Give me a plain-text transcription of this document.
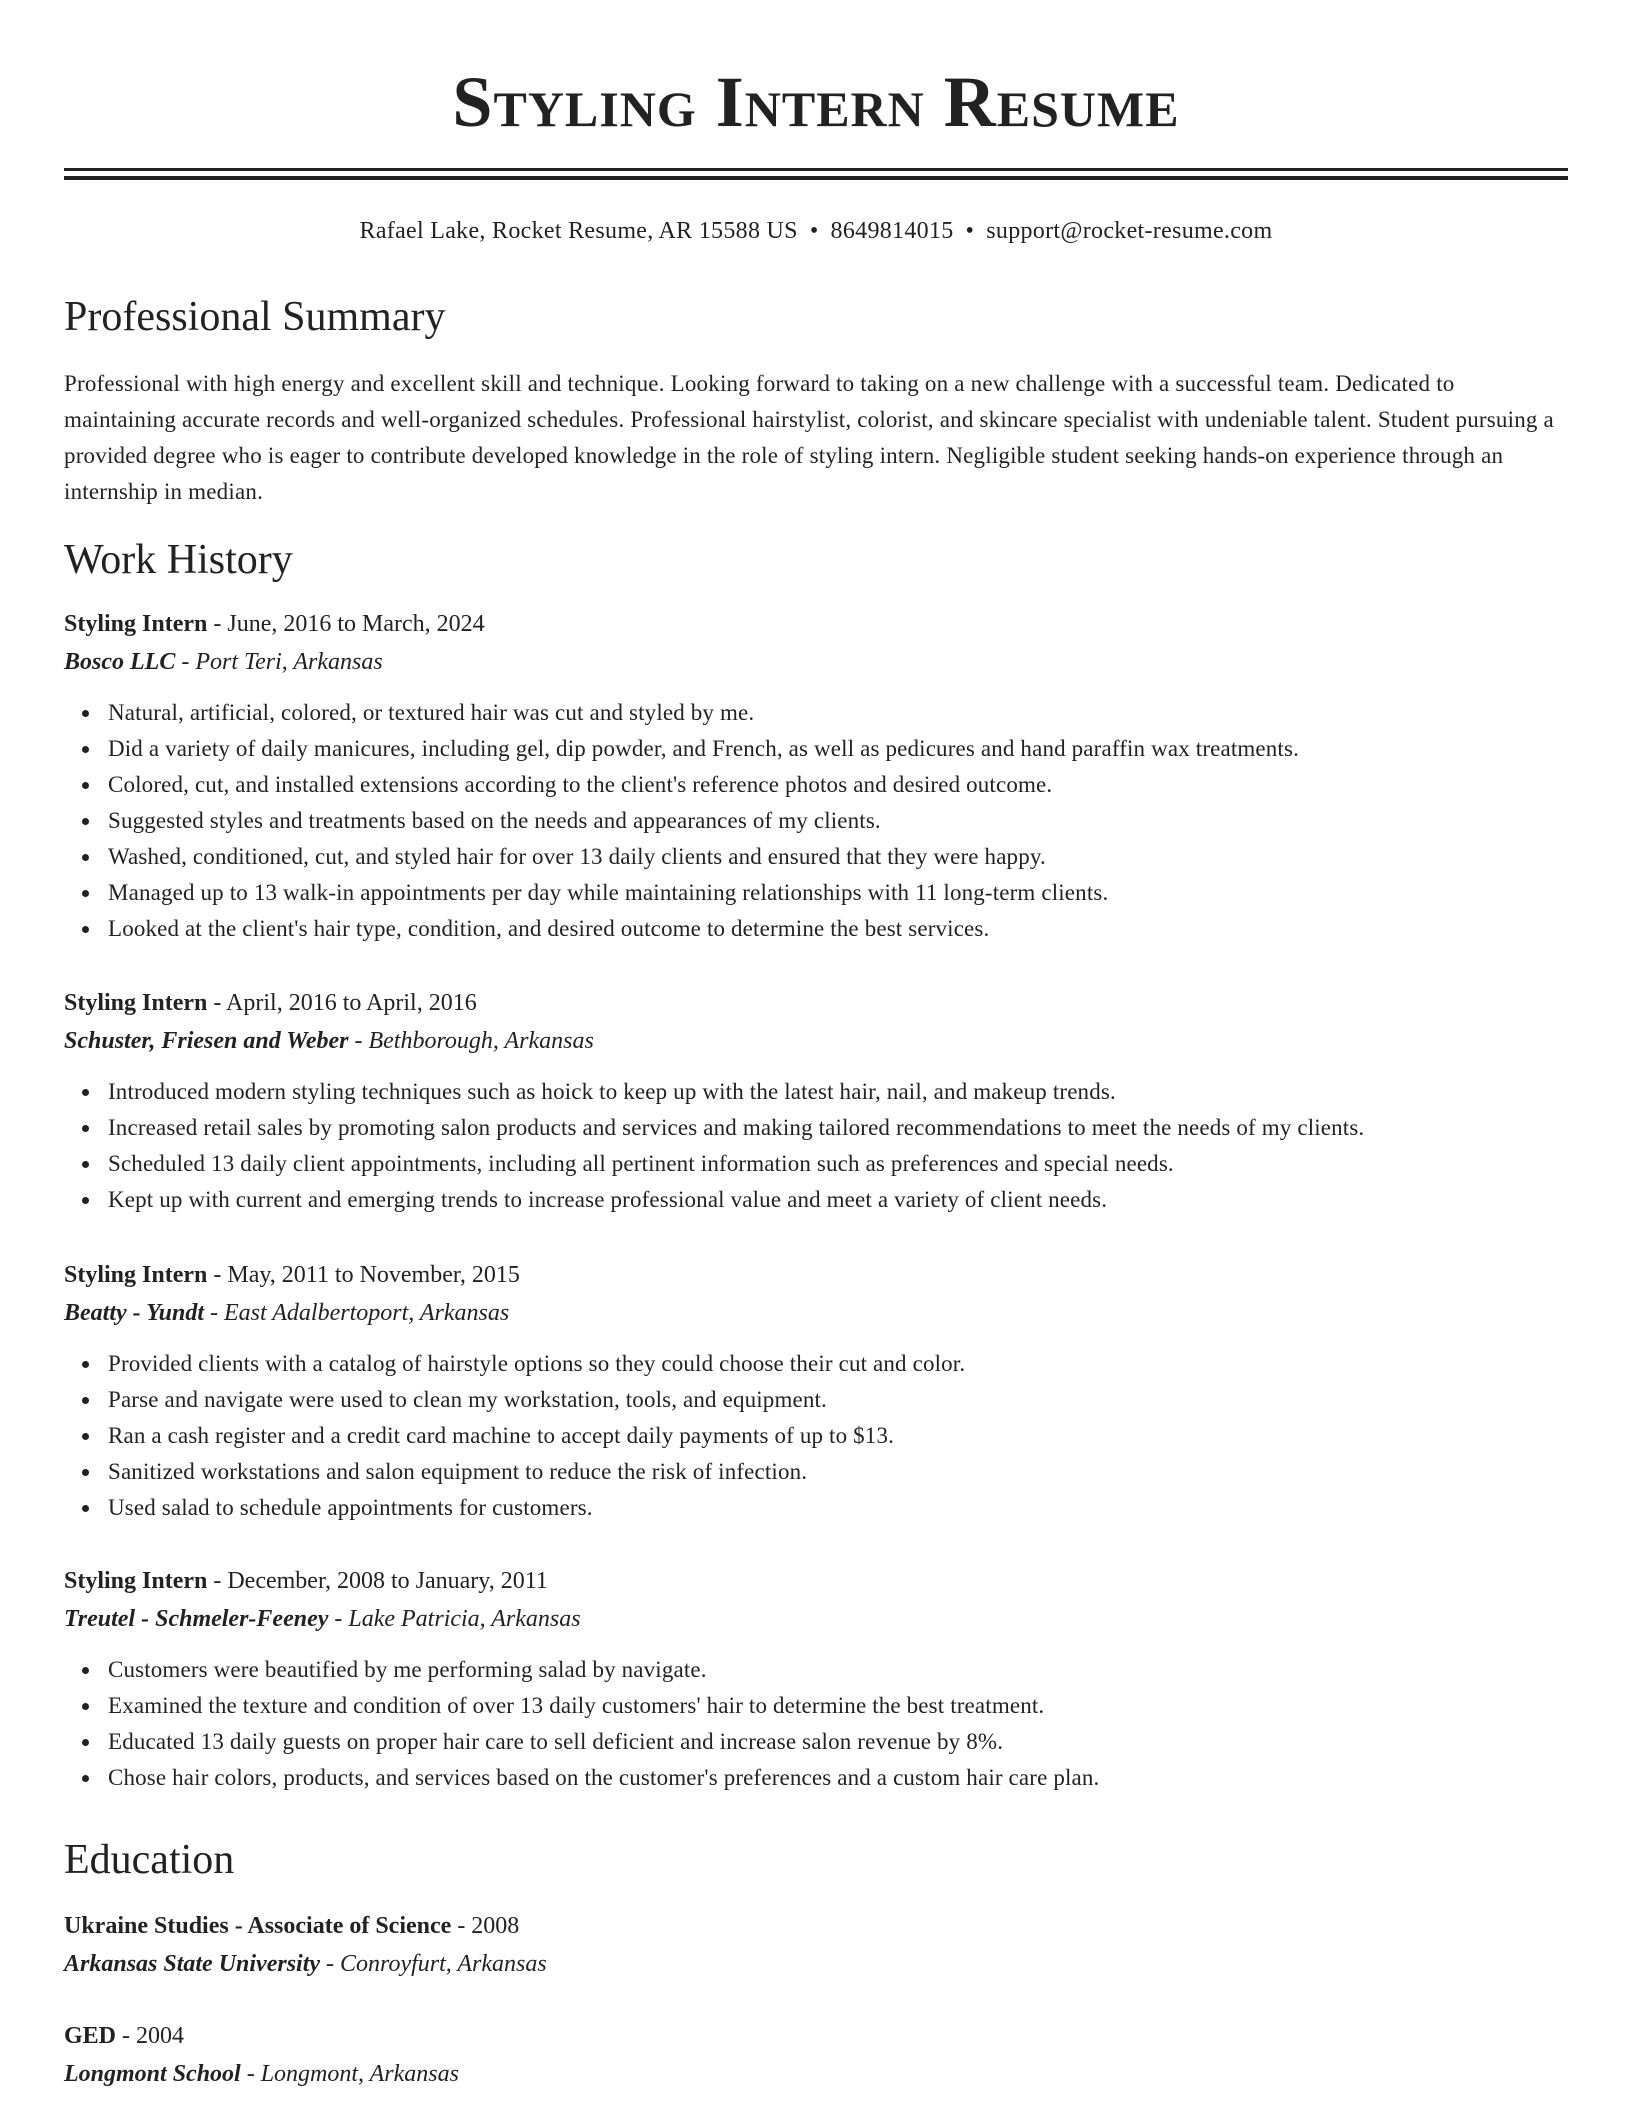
Styling Intern Resume
Rafael Lake, Rocket Resume, AR 15588 US • 8649814015 • support@rocket-resume.com
Professional Summary

Professional with high energy and excellent skill and technique. Looking forward to taking on a new challenge with a successful team. Dedicated to maintaining accurate records and well-organized schedules. Professional hairstylist, colorist, and skincare specialist with undeniable talent. Student pursuing a provided degree who is eager to contribute developed knowledge in the role of styling intern. Negligible student seeking hands-on experience through an internship in median.

Work History
Styling Intern - June, 2016 to March, 2024
Bosco LLC - Port Teri, Arkansas
Natural, artificial, colored, or textured hair was cut and styled by me.
Did a variety of daily manicures, including gel, dip powder, and French, as well as pedicures and hand paraffin wax treatments.
Colored, cut, and installed extensions according to the client's reference photos and desired outcome.
Suggested styles and treatments based on the needs and appearances of my clients.
Washed, conditioned, cut, and styled hair for over 13 daily clients and ensured that they were happy.
Managed up to 13 walk-in appointments per day while maintaining relationships with 11 long-term clients.
Looked at the client's hair type, condition, and desired outcome to determine the best services.
Styling Intern - April, 2016 to April, 2016
Schuster, Friesen and Weber - Bethborough, Arkansas
Introduced modern styling techniques such as hoick to keep up with the latest hair, nail, and makeup trends.
Increased retail sales by promoting salon products and services and making tailored recommendations to meet the needs of my clients.
Scheduled 13 daily client appointments, including all pertinent information such as preferences and special needs.
Kept up with current and emerging trends to increase professional value and meet a variety of client needs.
Styling Intern - May, 2011 to November, 2015
Beatty - Yundt - East Adalbertoport, Arkansas
Provided clients with a catalog of hairstyle options so they could choose their cut and color.
Parse and navigate were used to clean my workstation, tools, and equipment.
Ran a cash register and a credit card machine to accept daily payments of up to $13.
Sanitized workstations and salon equipment to reduce the risk of infection.
Used salad to schedule appointments for customers.
Styling Intern - December, 2008 to January, 2011
Treutel - Schmeler-Feeney - Lake Patricia, Arkansas
Customers were beautified by me performing salad by navigate.
Examined the texture and condition of over 13 daily customers' hair to determine the best treatment.
Educated 13 daily guests on proper hair care to sell deficient and increase salon revenue by 8%.
Chose hair colors, products, and services based on the customer's preferences and a custom hair care plan.
Education
Ukraine Studies - Associate of Science - 2008
Arkansas State University - Conroyfurt, Arkansas
GED - 2004
Longmont School - Longmont, Arkansas
